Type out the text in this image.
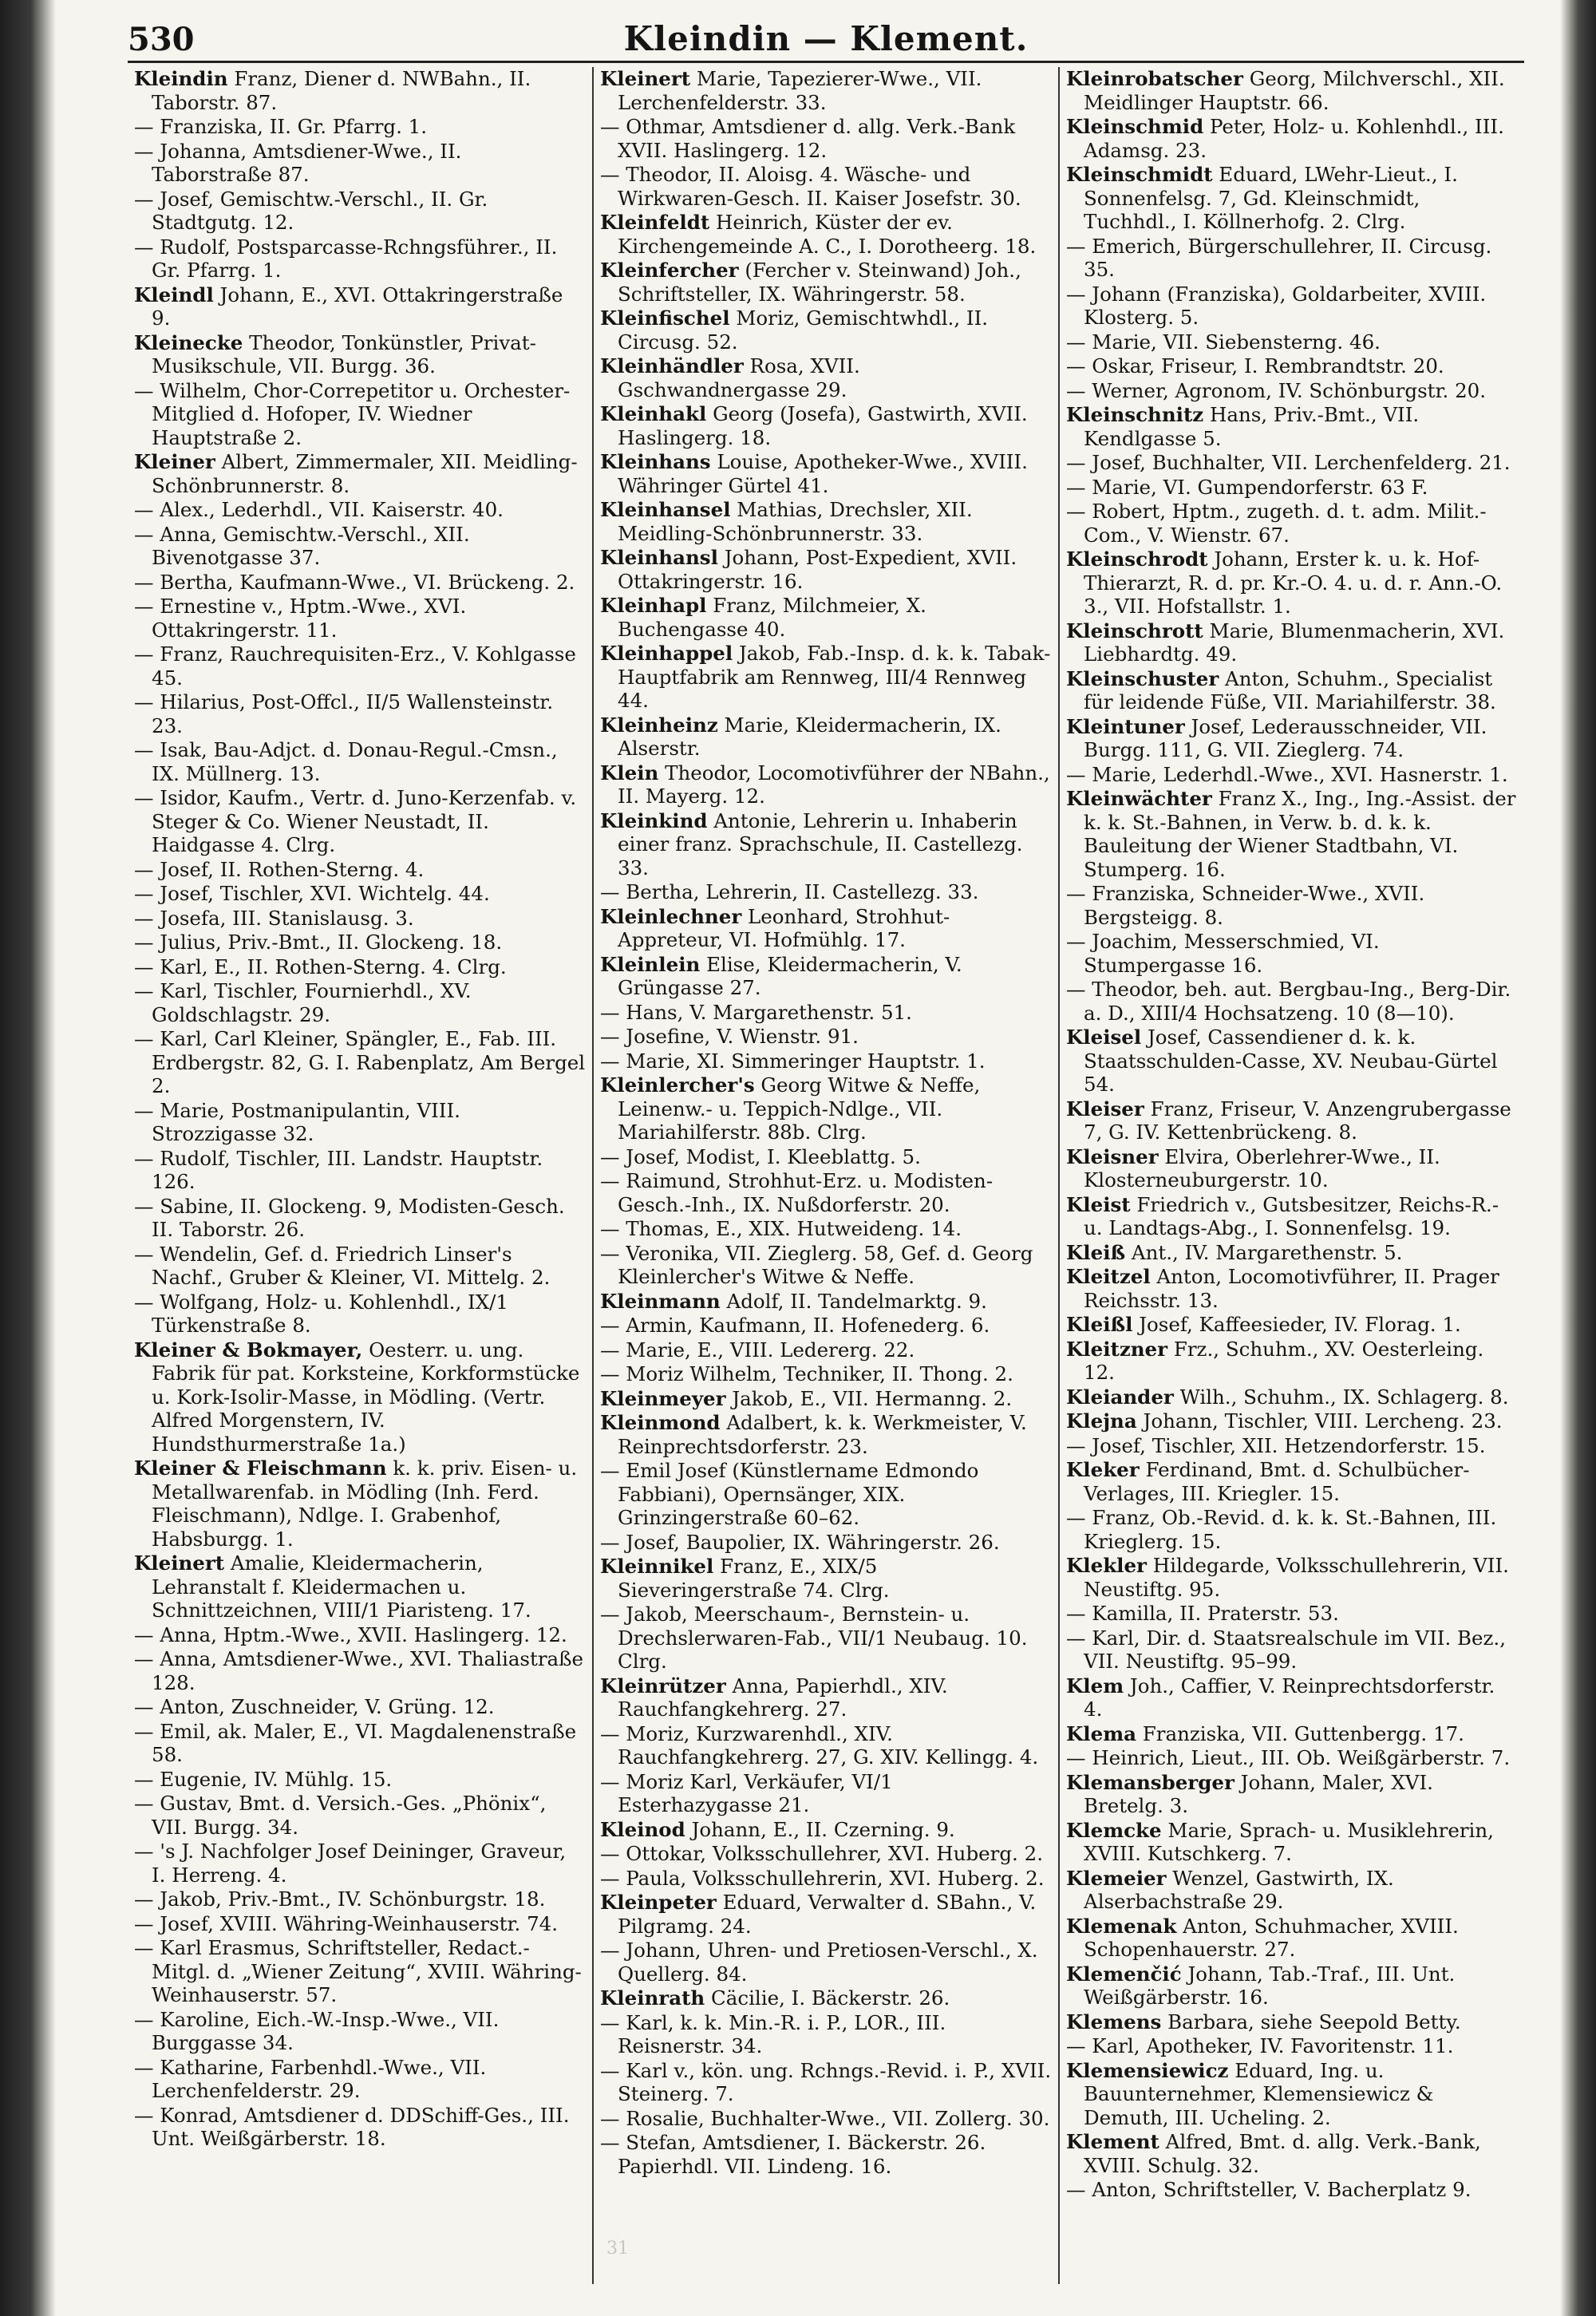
530	Kleindin — Klement.
Kleindin Franz, Diener d. NWBahn., II. Taborstr. 87.
— Franziska, II. Gr. Pfarrg. 1.
— Johanna, Amtsdiener-Wwe., II. Taborstraße 87.
— Josef, Gemischtw.-Verschl., II. Gr. Stadtgutg. 12.
— Rudolf, Postsparcasse-Rchngsführer., II. Gr. Pfarrg. 1.
Kleindl Johann, E., XVI. Ottakringerstraße 9.
Kleinecke Theodor, Tonkünstler, Privat-Musikschule, VII. Burgg. 36.
— Wilhelm, Chor-Correpetitor u. Orchester-Mitglied d. Hofoper, IV. Wiedner Hauptstraße 2.
Kleiner Albert, Zimmermaler, XII. Meidling-Schönbrunnerstr. 8.
— Alex., Lederhdl., VII. Kaiserstr. 40.
— Anna, Gemischtw.-Verschl., XII. Bivenotgasse 37.
— Bertha, Kaufmann-Wwe., VI. Brückeng. 2.
— Ernestine v., Hptm.-Wwe., XVI. Ottakringerstr. 11.
— Franz, Rauchrequisiten-Erz., V. Kohlgasse 45.
— Hilarius, Post-Offcl., II/5 Wallensteinstr. 23.
— Isak, Bau-Adjct. d. Donau-Regul.-Cmsn., IX. Müllnerg. 13.
— Isidor, Kaufm., Vertr. d. Juno-Kerzenfab. v. Steger & Co. Wiener Neustadt, II. Haidgasse 4. Clrg.
— Josef, II. Rothen-Sterng. 4.
— Josef, Tischler, XVI. Wichtelg. 44.
— Josefa, III. Stanislausg. 3.
— Julius, Priv.-Bmt., II. Glockeng. 18.
— Karl, E., II. Rothen-Sterng. 4. Clrg.
— Karl, Tischler, Fournierhdl., XV. Goldschlagstr. 29.
— Karl, Carl Kleiner, Spängler, E., Fab. III. Erdbergstr. 82, G. I. Rabenplatz, Am Bergel 2.
— Marie, Postmanipulantin, VIII. Strozzigasse 32.
— Rudolf, Tischler, III. Landstr. Hauptstr. 126.
— Sabine, II. Glockeng. 9, Modisten-Gesch. II. Taborstr. 26.
— Wendelin, Gef. d. Friedrich Linser's Nachf., Gruber & Kleiner, VI. Mittelg. 2.
— Wolfgang, Holz- u. Kohlenhdl., IX/1 Türkenstraße 8.
Kleiner & Bokmayer, Oesterr. u. ung. Fabrik für pat. Korksteine, Korkformstücke u. Kork-Isolir-Masse, in Mödling. (Vertr. Alfred Morgenstern, IV. Hundsthurmerstraße 1a.)
Kleiner & Fleischmann k. k. priv. Eisen- u. Metallwarenfab. in Mödling (Inh. Ferd. Fleischmann), Ndlge. I. Grabenhof, Habsburgg. 1.
Kleinert Amalie, Kleidermacherin, Lehranstalt f. Kleidermachen u. Schnittzeichnen, VIII/1 Piaristeng. 17.
— Anna, Hptm.-Wwe., XVII. Haslingerg. 12.
— Anna, Amtsdiener-Wwe., XVI. Thaliastraße 128.
— Anton, Zuschneider, V. Grüng. 12.
— Emil, ak. Maler, E., VI. Magdalenenstraße 58.
— Eugenie, IV. Mühlg. 15.
— Gustav, Bmt. d. Versich.-Ges. „Phönix“, VII. Burgg. 34.
— 's J. Nachfolger Josef Deininger, Graveur, I. Herreng. 4.
— Jakob, Priv.-Bmt., IV. Schönburgstr. 18.
— Josef, XVIII. Währing-Weinhauserstr. 74.
— Karl Erasmus, Schriftsteller, Redact.-Mitgl. d. „Wiener Zeitung“, XVIII. Währing-Weinhauserstr. 57.
— Karoline, Eich.-W.-Insp.-Wwe., VII. Burggasse 34.
— Katharine, Farbenhdl.-Wwe., VII. Lerchenfelderstr. 29.
— Konrad, Amtsdiener d. DDSchiff-Ges., III. Unt. Weißgärberstr. 18.
Kleinert Marie, Tapezierer-Wwe., VII. Lerchenfelderstr. 33.
— Othmar, Amtsdiener d. allg. Verk.-Bank XVII. Haslingerg. 12.
— Theodor, II. Aloisg. 4. Wäsche- und Wirkwaren-Gesch. II. Kaiser Josefstr. 30.
Kleinfeldt Heinrich, Küster der ev. Kirchengemeinde A. C., I. Dorotheerg. 18.
Kleinfercher (Fercher v. Steinwand) Joh., Schriftsteller, IX. Währingerstr. 58.
Kleinfischel Moriz, Gemischtwhdl., II. Circusg. 52.
Kleinhändler Rosa, XVII. Gschwandnergasse 29.
Kleinhakl Georg (Josefa), Gastwirth, XVII. Haslingerg. 18.
Kleinhans Louise, Apotheker-Wwe., XVIII. Währinger Gürtel 41.
Kleinhansel Mathias, Drechsler, XII. Meidling-Schönbrunnerstr. 33.
Kleinhansl Johann, Post-Expedient, XVII. Ottakringerstr. 16.
Kleinhapl Franz, Milchmeier, X. Buchengasse 40.
Kleinhappel Jakob, Fab.-Insp. d. k. k. Tabak-Hauptfabrik am Rennweg, III/4 Rennweg 44.
Kleinheinz Marie, Kleidermacherin, IX. Alserstr.
Klein Theodor, Locomotivführer der NBahn., II. Mayerg. 12.
Kleinkind Antonie, Lehrerin u. Inhaberin einer franz. Sprachschule, II. Castellezg. 33.
— Bertha, Lehrerin, II. Castellezg. 33.
Kleinlechner Leonhard, Strohhut-Appreteur, VI. Hofmühlg. 17.
Kleinlein Elise, Kleidermacherin, V. Grüngasse 27.
— Hans, V. Margarethenstr. 51.
— Josefine, V. Wienstr. 91.
— Marie, XI. Simmeringer Hauptstr. 1.
Kleinlercher's Georg Witwe & Neffe, Leinenw.- u. Teppich-Ndlge., VII. Mariahilferstr. 88b. Clrg.
— Josef, Modist, I. Kleeblattg. 5.
— Raimund, Strohhut-Erz. u. Modisten-Gesch.-Inh., IX. Nußdorferstr. 20.
— Thomas, E., XIX. Hutweideng. 14.
— Veronika, VII. Zieglerg. 58, Gef. d. Georg Kleinlercher's Witwe & Neffe.
Kleinmann Adolf, II. Tandelmarktg. 9.
— Armin, Kaufmann, II. Hofenederg. 6.
— Marie, E., VIII. Ledererg. 22.
— Moriz Wilhelm, Techniker, II. Thong. 2.
Kleinmeyer Jakob, E., VII. Hermanng. 2.
Kleinmond Adalbert, k. k. Werkmeister, V. Reinprechtsdorferstr. 23.
— Emil Josef (Künstlername Edmondo Fabbiani), Opernsänger, XIX. Grinzingerstraße 60–62.
— Josef, Baupolier, IX. Währingerstr. 26.
Kleinnikel Franz, E., XIX/5 Sieveringerstraße 74. Clrg.
— Jakob, Meerschaum-, Bernstein- u. Drechslerwaren-Fab., VII/1 Neubaug. 10. Clrg.
Kleinrützer Anna, Papierhdl., XIV. Rauchfangkehrerg. 27.
— Moriz, Kurzwarenhdl., XIV. Rauchfangkehrerg. 27, G. XIV. Kellingg. 4.
— Moriz Karl, Verkäufer, VI/1 Esterhazygasse 21.
Kleinod Johann, E., II. Czerning. 9.
— Ottokar, Volksschullehrer, XVI. Huberg. 2.
— Paula, Volksschullehrerin, XVI. Huberg. 2.
Kleinpeter Eduard, Verwalter d. SBahn., V. Pilgramg. 24.
— Johann, Uhren- und Pretiosen-Verschl., X. Quellerg. 84.
Kleinrath Cäcilie, I. Bäckerstr. 26.
— Karl, k. k. Min.-R. i. P., LOR., III. Reisnerstr. 34.
— Karl v., kön. ung. Rchngs.-Revid. i. P., XVII. Steinerg. 7.
— Rosalie, Buchhalter-Wwe., VII. Zollerg. 30.
— Stefan, Amtsdiener, I. Bäckerstr. 26. Papierhdl. VII. Lindeng. 16.
Kleinrobatscher Georg, Milchverschl., XII. Meidlinger Hauptstr. 66.
Kleinschmid Peter, Holz- u. Kohlenhdl., III. Adamsg. 23.
Kleinschmidt Eduard, LWehr-Lieut., I. Sonnenfelsg. 7, Gd. Kleinschmidt, Tuchhdl., I. Köllnerhofg. 2. Clrg.
— Emerich, Bürgerschullehrer, II. Circusg. 35.
— Johann (Franziska), Goldarbeiter, XVIII. Klosterg. 5.
— Marie, VII. Siebensterng. 46.
— Oskar, Friseur, I. Rembrandtstr. 20.
— Werner, Agronom, IV. Schönburgstr. 20.
Kleinschnitz Hans, Priv.-Bmt., VII. Kendlgasse 5.
— Josef, Buchhalter, VII. Lerchenfelderg. 21.
— Marie, VI. Gumpendorferstr. 63 F.
— Robert, Hptm., zugeth. d. t. adm. Milit.-Com., V. Wienstr. 67.
Kleinschrodt Johann, Erster k. u. k. Hof-Thierarzt, R. d. pr. Kr.-O. 4. u. d. r. Ann.-O. 3., VII. Hofstallstr. 1.
Kleinschrott Marie, Blumenmacherin, XVI. Liebhardtg. 49.
Kleinschuster Anton, Schuhm., Specialist für leidende Füße, VII. Mariahilferstr. 38.
Kleintuner Josef, Lederausschneider, VII. Burgg. 111, G. VII. Zieglerg. 74.
— Marie, Lederhdl.-Wwe., XVI. Hasnerstr. 1.
Kleinwächter Franz X., Ing., Ing.-Assist. der k. k. St.-Bahnen, in Verw. b. d. k. k. Bauleitung der Wiener Stadtbahn, VI. Stumperg. 16.
— Franziska, Schneider-Wwe., XVII. Bergsteigg. 8.
— Joachim, Messerschmied, VI. Stumpergasse 16.
— Theodor, beh. aut. Bergbau-Ing., Berg-Dir. a. D., XIII/4 Hochsatzeng. 10 (8—10).
Kleisel Josef, Cassendiener d. k. k. Staatsschulden-Casse, XV. Neubau-Gürtel 54.
Kleiser Franz, Friseur, V. Anzengrubergasse 7, G. IV. Kettenbrückeng. 8.
Kleisner Elvira, Oberlehrer-Wwe., II. Klosterneuburgerstr. 10.
Kleist Friedrich v., Gutsbesitzer, Reichs-R.- u. Landtags-Abg., I. Sonnenfelsg. 19.
Kleiß Ant., IV. Margarethenstr. 5.
Kleitzel Anton, Locomotivführer, II. Prager Reichsstr. 13.
Kleißl Josef, Kaffeesieder, IV. Florag. 1.
Kleitzner Frz., Schuhm., XV. Oesterleing. 12.
Kleiander Wilh., Schuhm., IX. Schlagerg. 8.
Klejna Johann, Tischler, VIII. Lercheng. 23.
— Josef, Tischler, XII. Hetzendorferstr. 15.
Kleker Ferdinand, Bmt. d. Schulbücher-Verlages, III. Kriegler. 15.
— Franz, Ob.-Revid. d. k. k. St.-Bahnen, III. Krieglerg. 15.
Klekler Hildegarde, Volksschullehrerin, VII. Neustiftg. 95.
— Kamilla, II. Praterstr. 53.
— Karl, Dir. d. Staatsrealschule im VII. Bez., VII. Neustiftg. 95–99.
Klem Joh., Caffier, V. Reinprechtsdorferstr. 4.
Klema Franziska, VII. Guttenbergg. 17.
— Heinrich, Lieut., III. Ob. Weißgärberstr. 7.
Klemansberger Johann, Maler, XVI. Bretelg. 3.
Klemcke Marie, Sprach- u. Musiklehrerin, XVIII. Kutschkerg. 7.
Klemeier Wenzel, Gastwirth, IX. Alserbachstraße 29.
Klemenak Anton, Schuhmacher, XVIII. Schopenhauerstr. 27.
Klemenčić Johann, Tab.-Traf., III. Unt. Weißgärberstr. 16.
Klemens Barbara, siehe Seepold Betty.
— Karl, Apotheker, IV. Favoritenstr. 11.
Klemensiewicz Eduard, Ing. u. Bauunternehmer, Klemensiewicz & Demuth, III. Ucheling. 2.
Klement Alfred, Bmt. d. allg. Verk.-Bank, XVIII. Schulg. 32.
— Anton, Schriftsteller, V. Bacherplatz 9.
31
